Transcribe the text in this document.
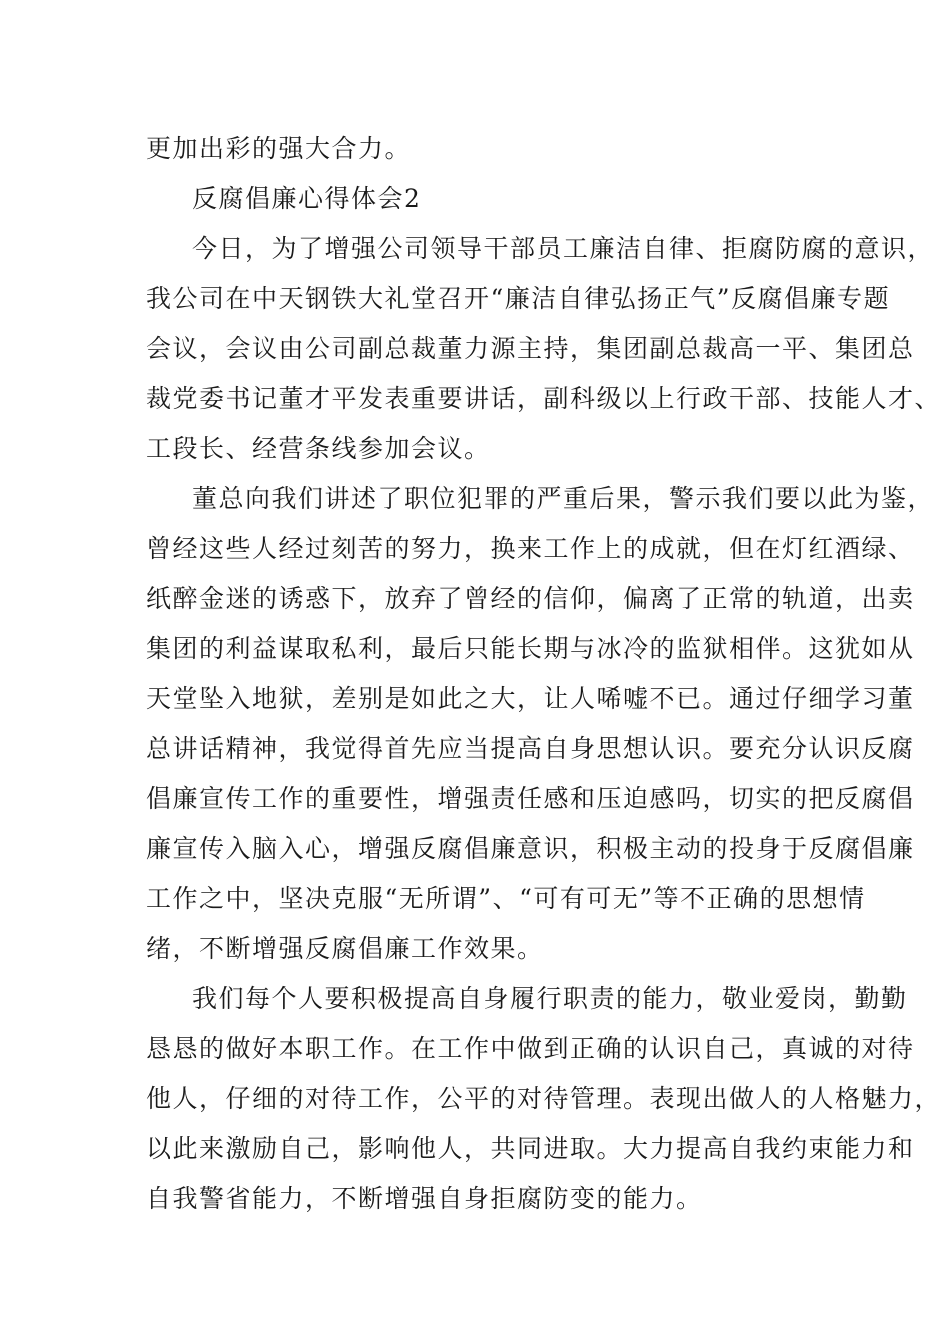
更加出彩的强大合力。
反腐倡廉心得体会2
今日，为了增强公司领导干部员工廉洁自律、拒腐防腐的意识，
我公司在中天钢铁大礼堂召开“廉洁自律弘扬正气”反腐倡廉专题
会议，会议由公司副总裁董力源主持，集团副总裁高一平、集团总
裁党委书记董才平发表重要讲话，副科级以上行政干部、技能人才、
工段长、经营条线参加会议。
董总向我们讲述了职位犯罪的严重后果，警示我们要以此为鉴，
曾经这些人经过刻苦的努力，换来工作上的成就，但在灯红酒绿、
纸醉金迷的诱惑下，放弃了曾经的信仰，偏离了正常的轨道，出卖
集团的利益谋取私利，最后只能长期与冰冷的监狱相伴。这犹如从
天堂坠入地狱，差别是如此之大，让人唏嘘不已。通过仔细学习董
总讲话精神，我觉得首先应当提高自身思想认识。要充分认识反腐
倡廉宣传工作的重要性，增强责任感和压迫感吗，切实的把反腐倡
廉宣传入脑入心，增强反腐倡廉意识，积极主动的投身于反腐倡廉
工作之中，坚决克服“无所谓”、“可有可无”等不正确的思想情
绪，不断增强反腐倡廉工作效果。
我们每个人要积极提高自身履行职责的能力，敬业爱岗，勤勤
恳恳的做好本职工作。在工作中做到正确的认识自己，真诚的对待
他人，仔细的对待工作，公平的对待管理。表现出做人的人格魅力，
以此来激励自己，影响他人，共同进取。大力提高自我约束能力和
自我警省能力，不断增强自身拒腐防变的能力。
